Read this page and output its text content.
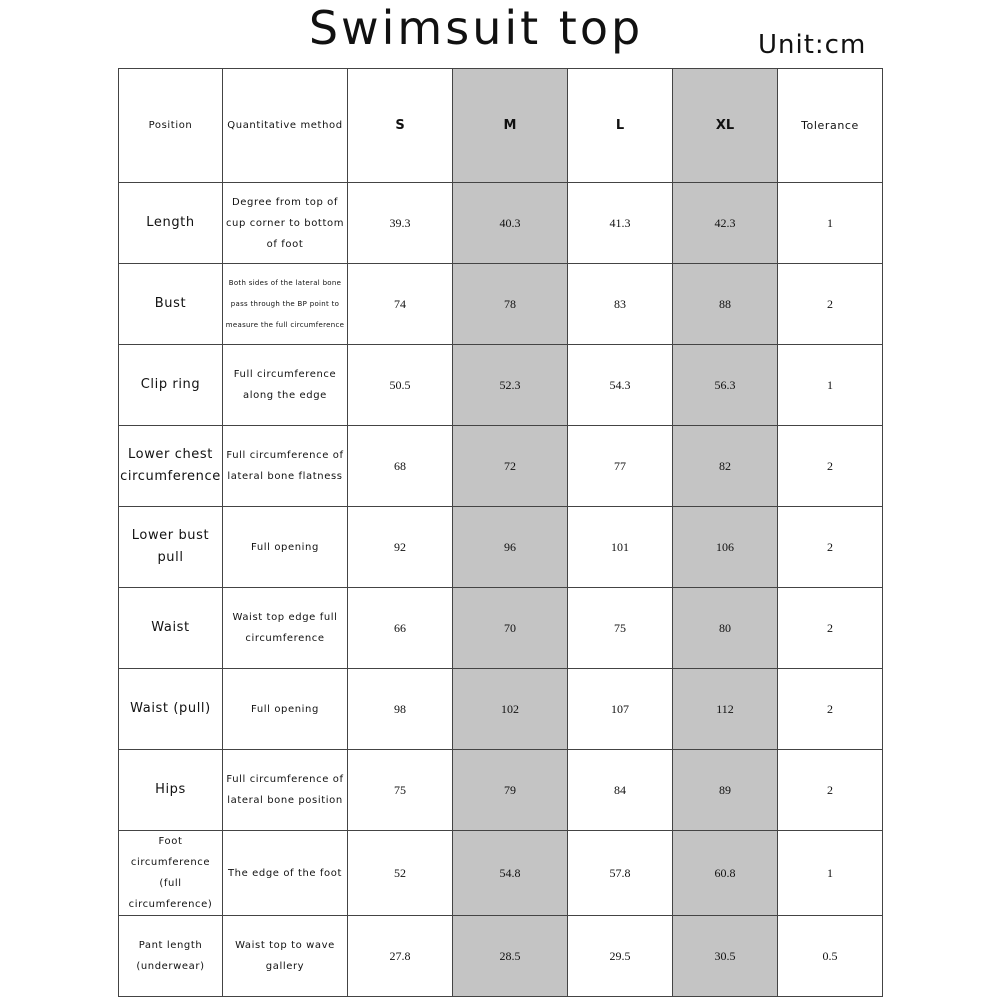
Swimsuit top	Unit:cm
Position	Quantitative method	S	M	L	XL	Tolerance
Length	Degree from top of cup corner to bottom of foot	39.3	40.3	41.3	42.3	1
Bust	Both sides of the lateral bone pass through the BP point to measure the full circumference	74	78	83	88	2
Clip ring	Full circumference along the edge	50.5	52.3	54.3	56.3	1
Lower chest circumference	Full circumference of lateral bone flatness	68	72	77	82	2
Lower bust pull	Full opening	92	96	101	106	2
Waist	Waist top edge full circumference	66	70	75	80	2
Waist (pull)	Full opening	98	102	107	112	2
Hips	Full circumference of lateral bone position	75	79	84	89	2
Foot circumference (full circumference)	The edge of the foot	52	54.8	57.8	60.8	1
Pant length (underwear)	Waist top to wave gallery	27.8	28.5	29.5	30.5	0.5
